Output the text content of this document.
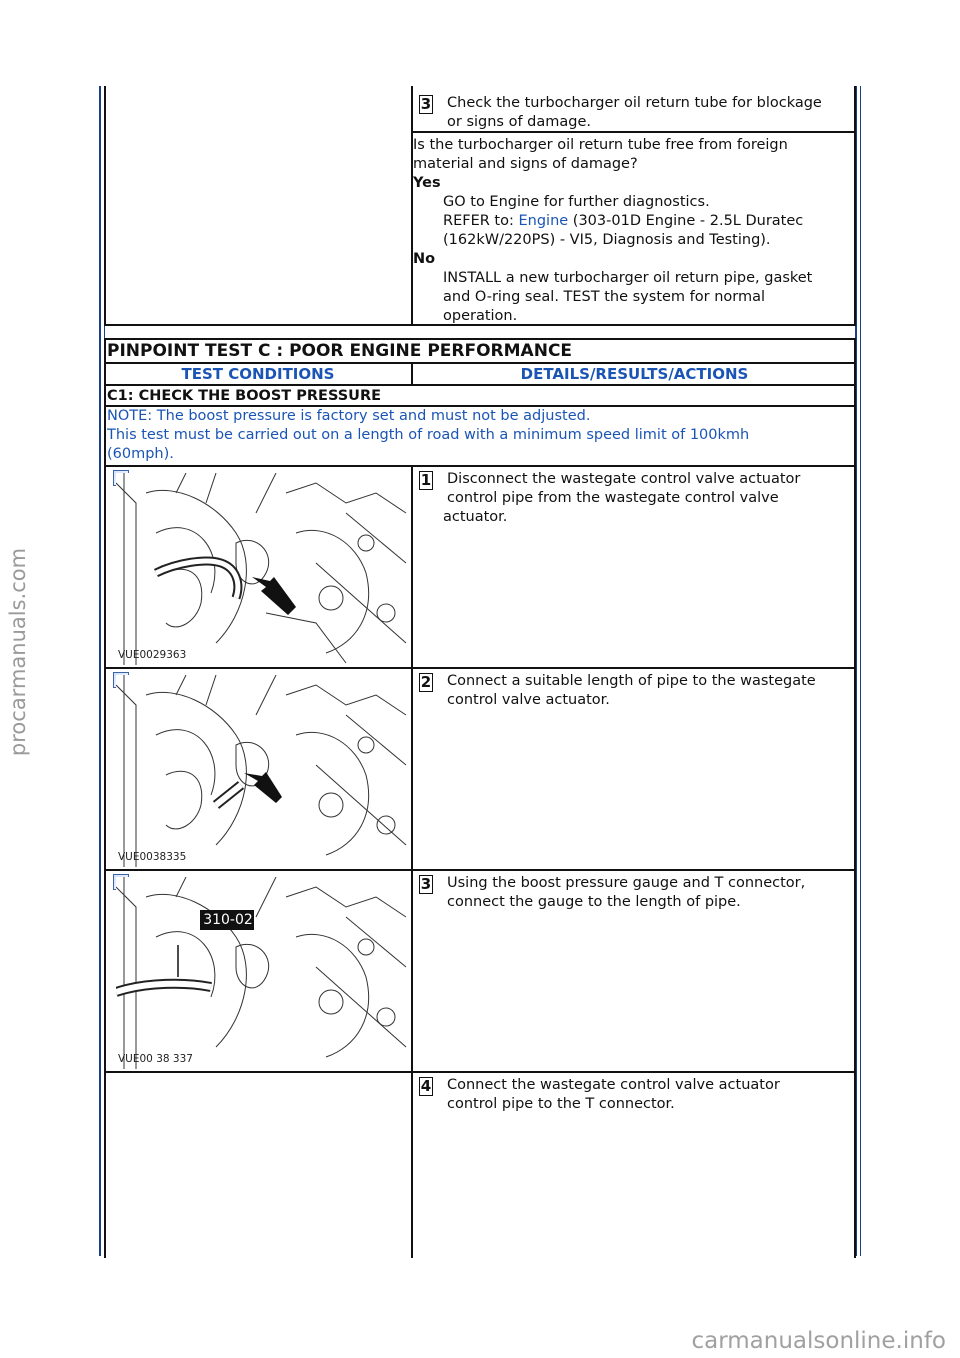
procarmanuals.com
carmanualsonline.info
3 Check the turbocharger oil return tube for blockage
or signs of damage.
Is the turbocharger oil return tube free from foreign
material and signs of damage?
Yes
GO to Engine for further diagnostics.
REFER to: Engine (303-01D Engine - 2.5L Duratec
(162kW/220PS) - VI5, Diagnosis and Testing).
No
INSTALL a new turbocharger oil return pipe, gasket
and O-ring seal. TEST the system for normal
operation.
PINPOINT TEST C : POOR ENGINE PERFORMANCE
TEST CONDITIONS	DETAILS/RESULTS/ACTIONS
C1: CHECK THE BOOST PRESSURE
NOTE: The boost pressure is factory set and must not be adjusted.
This test must be carried out on a length of road with a minimum speed limit of 100kmh
(60mph).
VUE0029363
1 Disconnect the wastegate control valve actuator
control pipe from the wastegate control valve
actuator.
VUE0038335
2 Connect a suitable length of pipe to the wastegate
control valve actuator.
310-02
VUE00 38 337
3 Using the boost pressure gauge and T connector,
connect the gauge to the length of pipe.
4 Connect the wastegate control valve actuator
control pipe to the T connector.
